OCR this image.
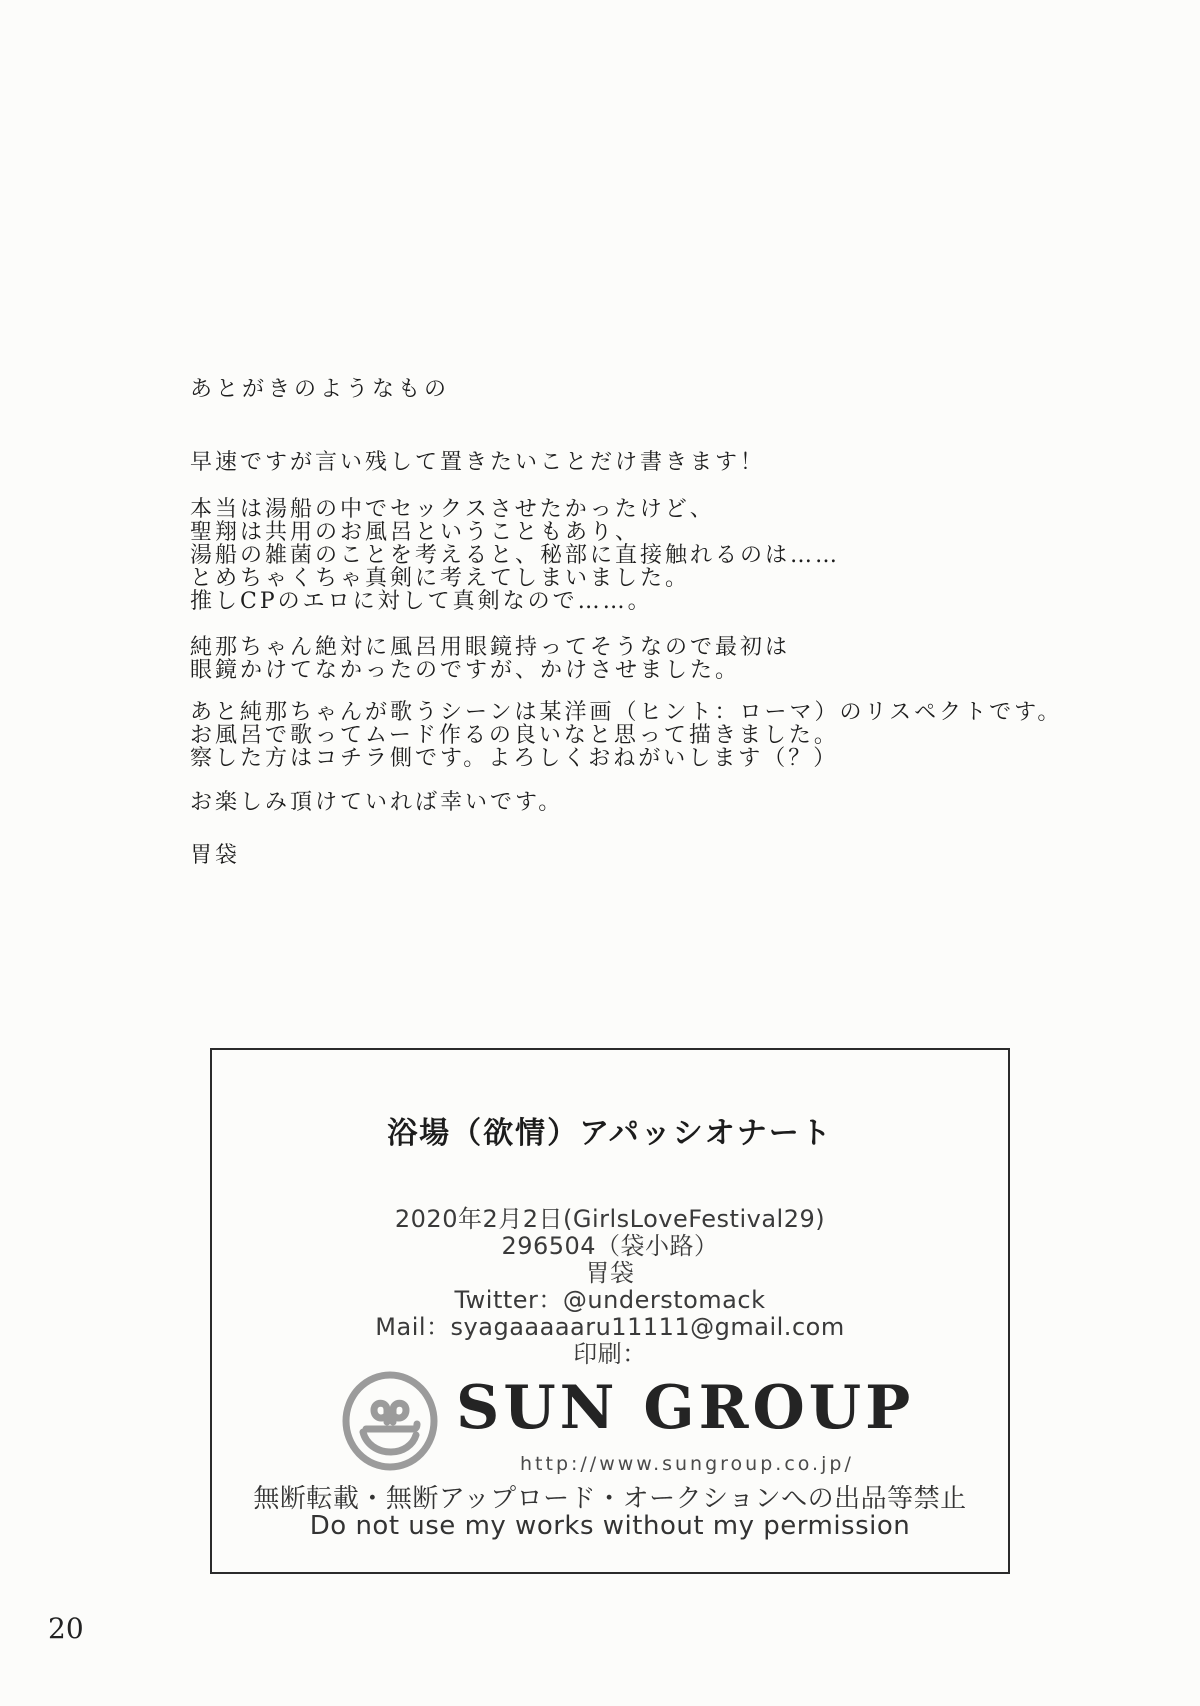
あとがきのようなもの
早速ですが言い残して置きたいことだけ書きます！
本当は湯船の中でセックスさせたかったけど、
聖翔は共用のお風呂ということもあり、
湯船の雑菌のことを考えると、秘部に直接触れるのは……
とめちゃくちゃ真剣に考えてしまいました。
推しCPのエロに対して真剣なので……。
純那ちゃん絶対に風呂用眼鏡持ってそうなので最初は
眼鏡かけてなかったのですが、かけさせました。
あと純那ちゃんが歌うシーンは某洋画（ヒント：ローマ）のリスペクトです。
お風呂で歌ってムード作るの良いなと思って描きました。
察した方はコチラ側です。よろしくおねがいします（？）
お楽しみ頂けていれば幸いです。
胃袋
浴場（欲情）アパッシオナート
2020年2月2日(GirlsLoveFestival29)
296504（袋小路）
胃袋
Twitter：@understomack
Mail：syagaaaaaru11111@gmail.com
印刷：
SUN GROUP
http://www.sungroup.co.jp/
無断転載・無断アップロード・オークションへの出品等禁止
Do not use my works without my permission
20
